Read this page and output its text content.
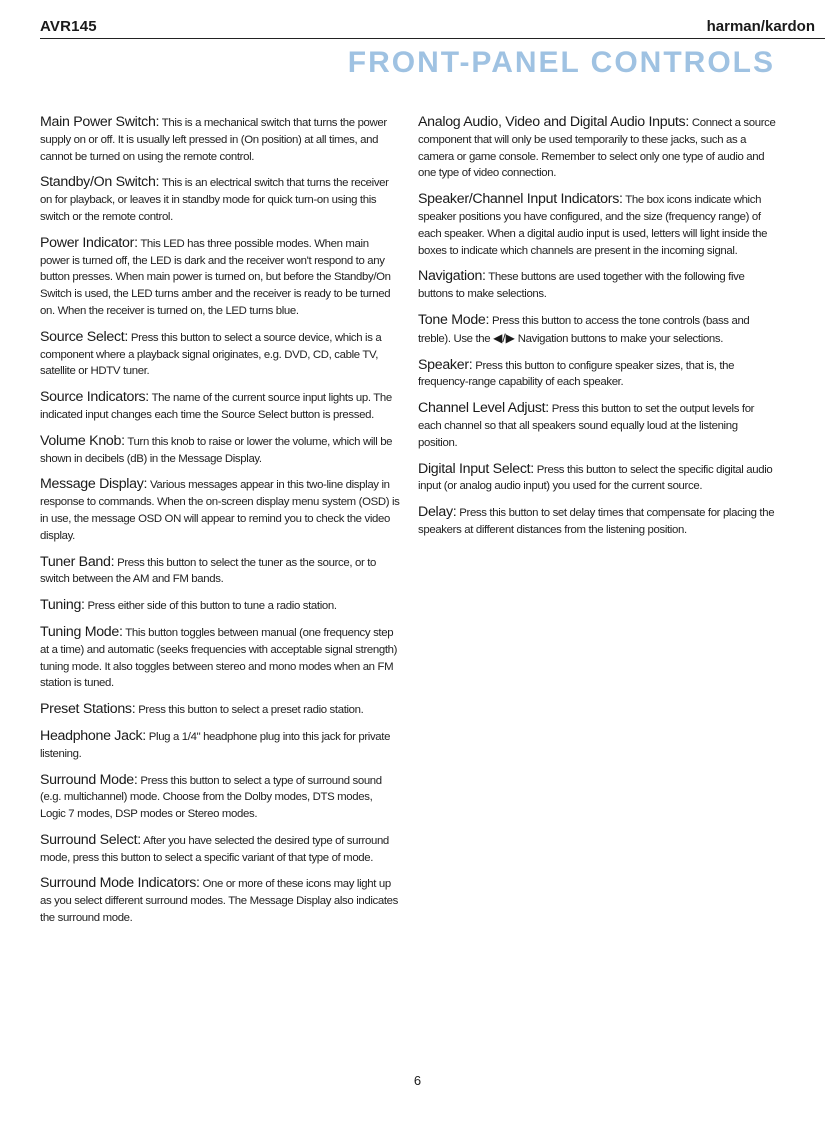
AVR145	harman/kardon
FRONT-PANEL CONTROLS

Main Power Switch: This is a mechanical switch that turns the power supply on or off. It is usually left pressed in (On position) at all times, and cannot be turned on using the remote control.

Standby/On Switch: This is an electrical switch that turns the receiver on for playback, or leaves it in standby mode for quick turn-on using this switch or the remote control.

Power Indicator: This LED has three possible modes. When main power is turned off, the LED is dark and the receiver won't respond to any button presses. When main power is turned on, but before the Standby/On Switch is used, the LED turns amber and the receiver is ready to be turned on. When the receiver is turned on, the LED turns blue.

Source Select: Press this button to select a source device, which is a component where a playback signal originates, e.g. DVD, CD, cable TV, satellite or HDTV tuner.

Source Indicators: The name of the current source input lights up. The indicated input changes each time the Source Select button is pressed.

Volume Knob: Turn this knob to raise or lower the volume, which will be shown in decibels (dB) in the Message Display.

Message Display: Various messages appear in this two-line display in response to commands. When the on-screen display menu system (OSD) is in use, the message OSD ON will appear to remind you to check the video display.

Tuner Band: Press this button to select the tuner as the source, or to switch between the AM and FM bands.

Tuning: Press either side of this button to tune a radio station.

Tuning Mode: This button toggles between manual (one frequency step at a time) and automatic (seeks frequencies with acceptable signal strength) tuning mode. It also toggles between stereo and mono modes when an FM station is tuned.

Preset Stations: Press this button to select a preset radio station.

Headphone Jack: Plug a 1/4" headphone plug into this jack for private listening.

Surround Mode: Press this button to select a type of surround sound (e.g. multichannel) mode. Choose from the Dolby modes, DTS modes, Logic 7 modes, DSP modes or Stereo modes.

Surround Select: After you have selected the desired type of surround mode, press this button to select a specific variant of that type of mode.

Surround Mode Indicators: One or more of these icons may light up as you select different surround modes. The Message Display also indicates the surround mode.

Analog Audio, Video and Digital Audio Inputs: Connect a source component that will only be used temporarily to these jacks, such as a camera or game console. Remember to select only one type of audio and one type of video connection.

Speaker/Channel Input Indicators: The box icons indicate which speaker positions you have configured, and the size (frequency range) of each speaker. When a digital audio input is used, letters will light inside the boxes to indicate which channels are present in the incoming signal.

Navigation: These buttons are used together with the following five buttons to make selections.

Tone Mode: Press this button to access the tone controls (bass and treble). Use the ◀/▶ Navigation buttons to make your selections.

Speaker: Press this button to configure speaker sizes, that is, the frequency-range capability of each speaker.

Channel Level Adjust: Press this button to set the output levels for each channel so that all speakers sound equally loud at the listening position.

Digital Input Select: Press this button to select the specific digital audio input (or analog audio input) you used for the current source.

Delay: Press this button to set delay times that compensate for placing the speakers at different distances from the listening position.

6
